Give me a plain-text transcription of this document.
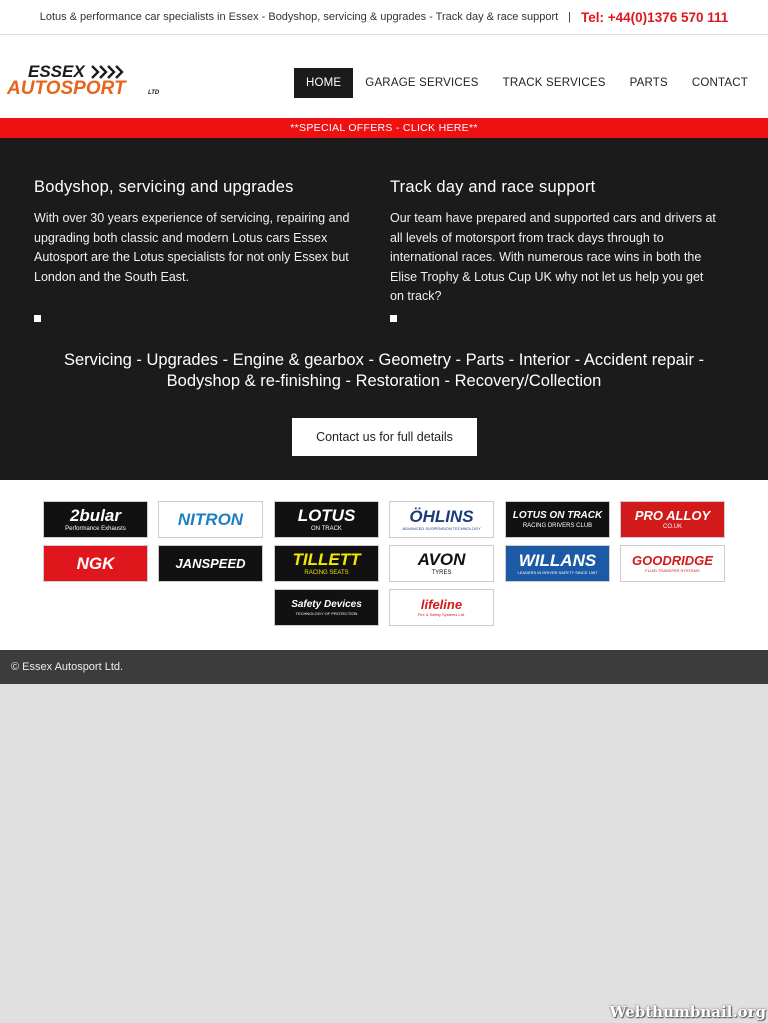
Lotus & performance car specialists in Essex - Bodyshop, servicing & upgrades - Track day & race support | Tel: +44(0)1376 570 111
ESSEX
AUTOSPORT	LTD
HOME	GARAGE SERVICES	TRACK SERVICES	PARTS	CONTACT
**SPECIAL OFFERS - CLICK HERE**
Bodyshop, servicing and upgrades

With over 30 years experience of servicing, repairing and upgrading both classic and modern Lotus cars Essex Autosport are the Lotus specialists for not only Essex but London and the South East.

Track day and race support

Our team have prepared and supported cars and drivers at all levels of motorsport from track days through to international races. With numerous race wins in both the Elise Trophy & Lotus Cup UK why not let us help you get on track?

Servicing - Upgrades - Engine & gearbox - Geometry - Parts - Interior - Accident repair - Bodyshop & re-finishing - Restoration - Recovery/Collection
Contact us for full details
2bular
Performance Exhausts	NITRON	LOTUS
ON TRACK
ÖHLINS
ADVANCED SUSPENSION TECHNOLOGY
LOTUS ON TRACK
RACING DRIVERS CLUB
PRO ALLOY
CO.UK
NGK	JANSPEED	TILLETT
RACING SEATS
AVON
TYRES
WILLANS
LEADERS IN DRIVER SAFETY SINCE 1967
GOODRIDGE
FLUID TRANSFER SYSTEMS
Safety Devices
TECHNOLOGY OF PROTECTION
lifeline
Fire & Safety Systems Ltd.
© Essex Autosport Ltd.
Webthumbnail.org
